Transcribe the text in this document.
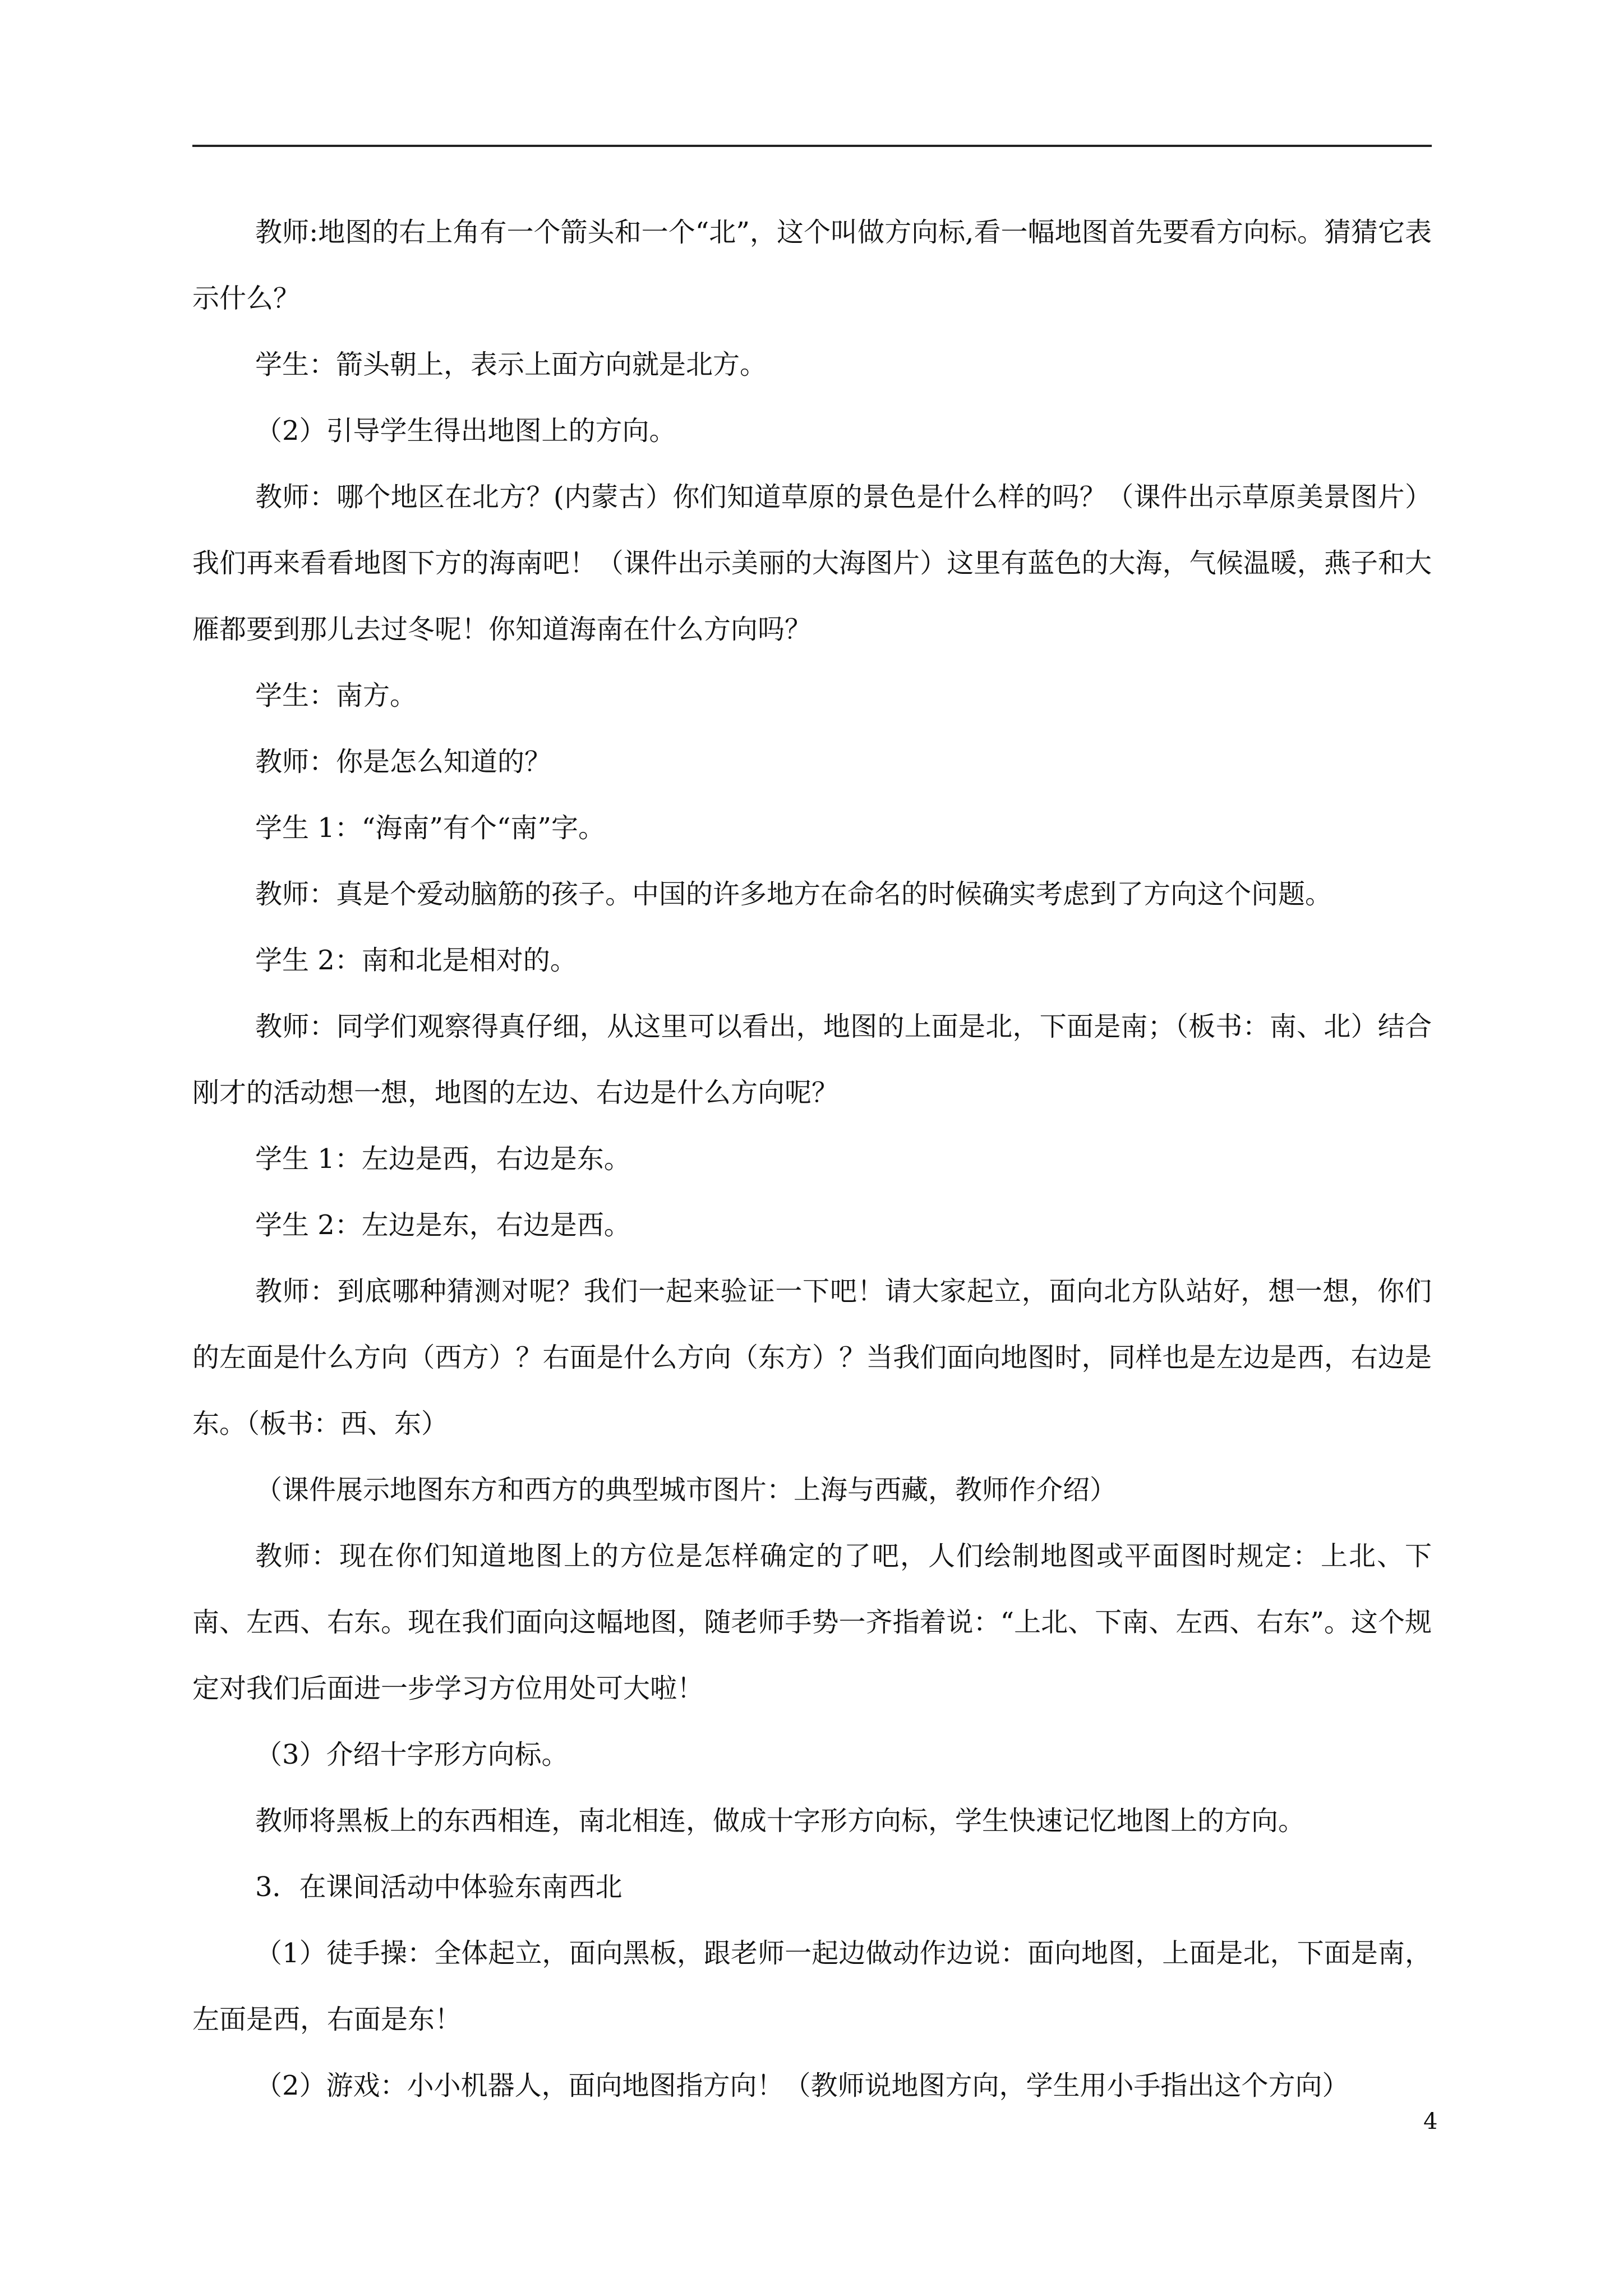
教师:地图的右上角有一个箭头和一个“北”，这个叫做方向标,看一幅地图首先要看方向标。猜猜它表示什么？

学生：箭头朝上，表示上面方向就是北方。

（2）引导学生得出地图上的方向。

教师：哪个地区在北方？(内蒙古）你们知道草原的景色是什么样的吗？（课件出示草原美景图片）我们再来看看地图下方的海南吧！（课件出示美丽的大海图片）这里有蓝色的大海，气候温暖，燕子和大雁都要到那儿去过冬呢！你知道海南在什么方向吗？

学生：南方。

教师：你是怎么知道的？

学生 1：“海南”有个“南”字。

教师：真是个爱动脑筋的孩子。中国的许多地方在命名的时候确实考虑到了方向这个问题。

学生 2：南和北是相对的。

教师：同学们观察得真仔细，从这里可以看出，地图的上面是北，下面是南；（板书：南、北）结合刚才的活动想一想，地图的左边、右边是什么方向呢？

学生 1：左边是西，右边是东。

学生 2：左边是东，右边是西。

教师：到底哪种猜测对呢？我们一起来验证一下吧！请大家起立，面向北方队站好，想一想，你们的左面是什么方向（西方）？右面是什么方向（东方）？当我们面向地图时，同样也是左边是西，右边是东。（板书：西、东）

（课件展示地图东方和西方的典型城市图片：上海与西藏，教师作介绍）

教师：现在你们知道地图上的方位是怎样确定的了吧，人们绘制地图或平面图时规定：上北、下南、左西、右东。现在我们面向这幅地图，随老师手势一齐指着说：“上北、下南、左西、右东”。这个规定对我们后面进一步学习方位用处可大啦！

（3）介绍十字形方向标。

教师将黑板上的东西相连，南北相连，做成十字形方向标，学生快速记忆地图上的方向。

3．在课间活动中体验东南西北

（1）徒手操：全体起立，面向黑板，跟老师一起边做动作边说：面向地图，上面是北，下面是南，左面是西，右面是东！

（2）游戏：小小机器人，面向地图指方向！（教师说地图方向，学生用小手指出这个方向）

4
